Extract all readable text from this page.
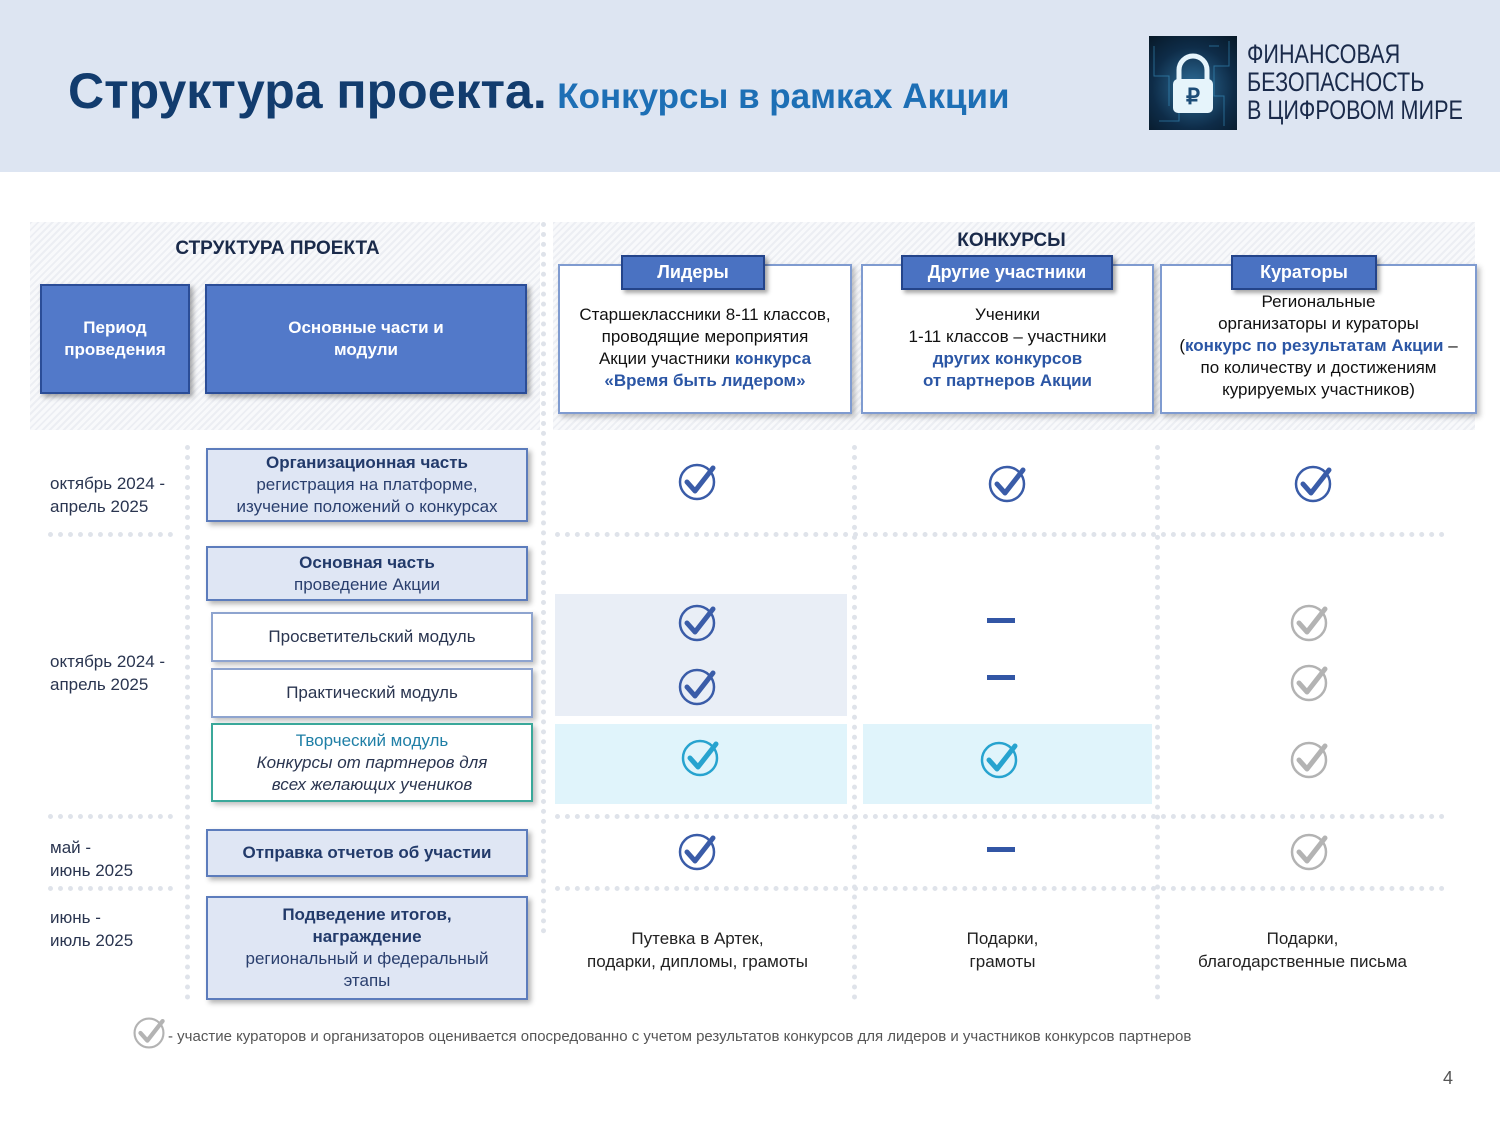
Структура проекта. Конкурсы в рамках Акции	₽
ФИНАНСОВАЯ
БЕЗОПАСНОСТЬ
В ЦИФРОВОМ МИРЕ
СТРУКТУРА ПРОЕКТА
Период проведения
Основные части и модули
КОНКУРСЫ
Старшеклассники 8-11 классов,
проводящие мероприятия
Акции участники конкурса
«Время быть лидером»
Лидеры
Ученики
1-11 классов – участники
других конкурсов
от партнеров Акции
Другие участники
Региональные
организаторы и кураторы
(конкурс по результатам Акции –
по количеству и достижениям
курируемых участников)
Кураторы
октябрь 2024 -
апрель 2025
Организационная часть
регистрация на платформе,
изучение положений о конкурсах
октябрь 2024 -
апрель 2025
Основная часть
проведение Акции
Просветительский модуль
Практический модуль
Творческий модуль
Конкурсы от партнеров для
всех желающих учеников
май -
июнь 2025
Отправка отчетов об участии
июнь -
июль 2025
Подведение итогов,
награждение
региональный и федеральный
этапы
Путевка в Артек,
подарки, дипломы, грамоты
Подарки,
грамоты
Подарки,
благодарственные письма
- участие кураторов и организаторов оценивается опосредованно с учетом результатов конкурсов для лидеров и участников конкурсов партнеров
4
